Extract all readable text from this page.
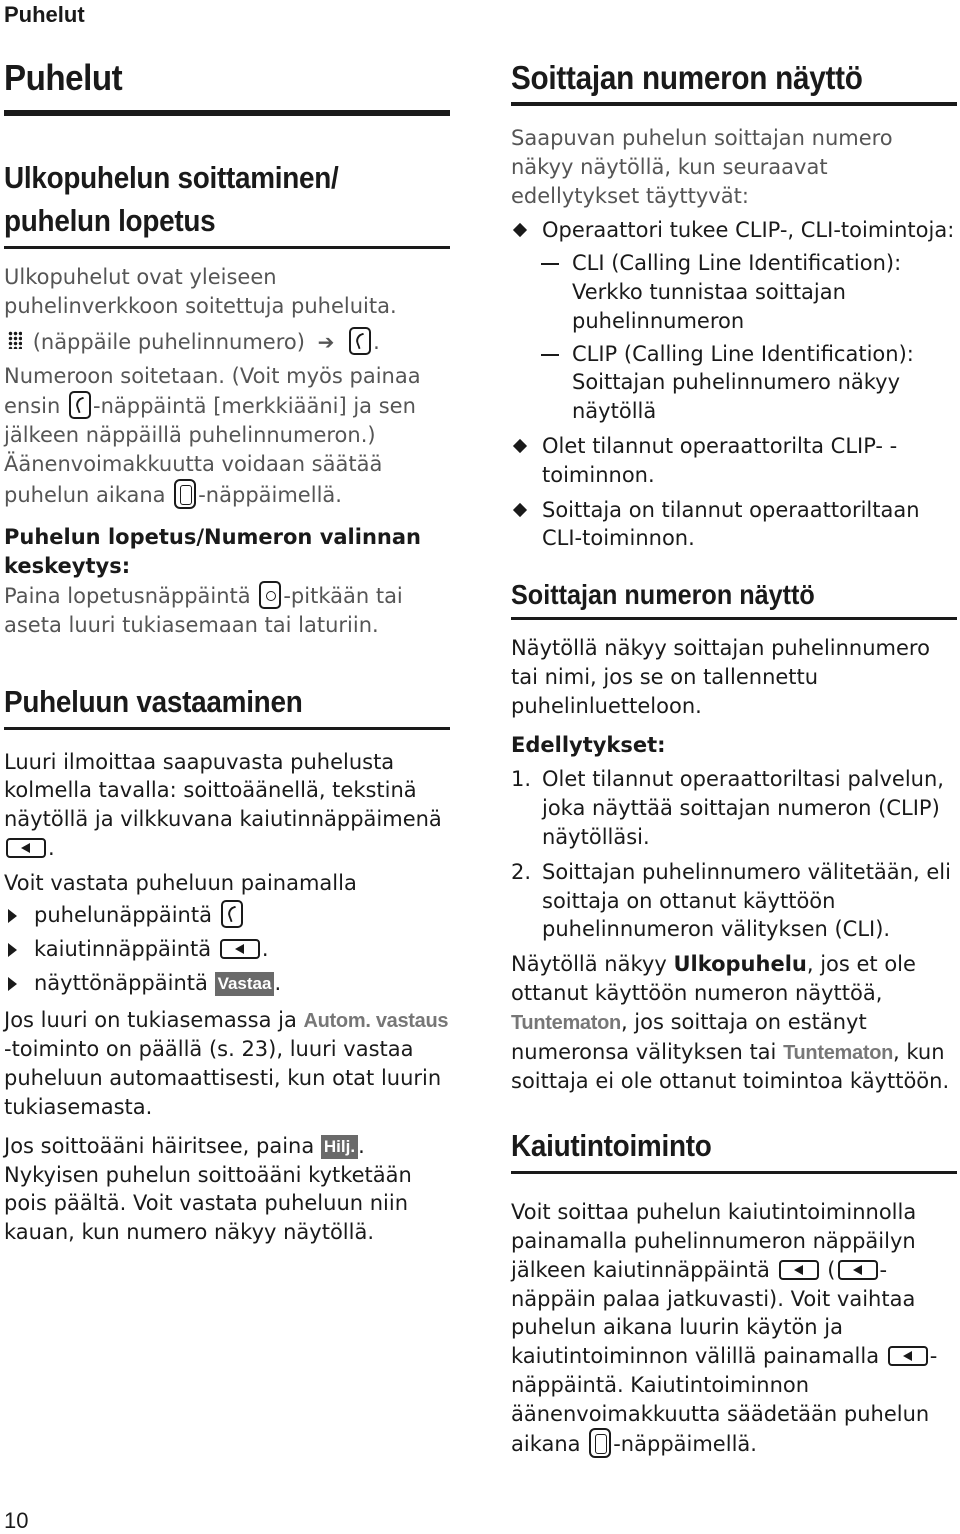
Puhelut
Puhelut
Ulkopuhelun soittaminen/
puhelun lopetus

Ulkopuhelut ovat yleiseen puhelinverkkoon soitettuja puheluita.

(näppäile puhelinnumero) ➔ .

Numeroon soitetaan. (Voit myös painaa ensin -näppäintä [merkkiääni] ja sen jälkeen näppäillä puhelinnumeron.)

Äänenvoimakkuutta voidaan säätää puhelun aikana -näppäimellä.

Puhelun lopetus/Numeron valinnan keskeytys:

Paina lopetusnäppäintä -pitkään tai aseta luuri tukiasemaan tai laturiin.

Puheluun vastaaminen

Luuri ilmoittaa saapuvasta puhelusta kolmella tavalla: soittoäänellä, tekstinä näytöllä ja vilkkuvana kaiutinnäppäimenä .

Voit vastata puheluun painamalla

puhelunäppäintä
kaiutinnäppäintä .
näyttönäppäintä Vastaa .

Jos luuri on tukiasemassa ja Autom. vastaus -toiminto on päällä (s. 23), luuri vastaa puheluun automaattisesti, kun otat luurin tukiasemasta.

Jos soittoääni häiritsee, paina Hilj. . Nykyisen puhelun soittoääni kytketään pois päältä. Voit vastata puheluun niin kauan, kun numero näkyy näytöllä.

Soittajan numeron näyttö

Saapuvan puhelun soittajan numero näkyy näytöllä, kun seuraavat edellytykset täyttyvät:

Operaattori tukee CLIP-, CLI-toimintoja:
CLI (Calling Line Identification): Verkko tunnistaa soittajan puhelinnumeron
CLIP (Calling Line Identification): Soittajan puhelinnumero näkyy näytöllä
Olet tilannut operaattorilta CLIP- -toiminnon.
Soittaja on tilannut operaattoriltaan CLI-toiminnon.
Soittajan numeron näyttö

Näytöllä näkyy soittajan puhelinnumero tai nimi, jos se on tallennettu puhelinluetteloon.

Edellytykset:

1. Olet tilannut operaattoriltasi palvelun, joka näyttää soittajan numeron (CLIP) näytölläsi.
2. Soittajan puhelinnumero välitetään, eli soittaja on ottanut käyttöön puhelinnumeron välityksen (CLI).

Näytöllä näkyy Ulkopuhelu, jos et ole ottanut käyttöön numeron näyttöä, Tuntematon, jos soittaja on estänyt numeronsa välityksen tai Tuntematon, kun soittaja ei ole ottanut toimintoa käyttöön.

Kaiutintoiminto

Voit soittaa puhelun kaiutintoiminnolla painamalla puhelinnumeron näppäilyn jälkeen kaiutinnäppäintä	( -näppäin palaa jatkuvasti). Voit vaihtaa puhelun aikana luurin käytön ja kaiutintoiminnon välillä painamalla -näppäintä. Kaiutintoiminnon äänenvoimakkuutta säädetään puhelun aikana -näppäimellä.

10
